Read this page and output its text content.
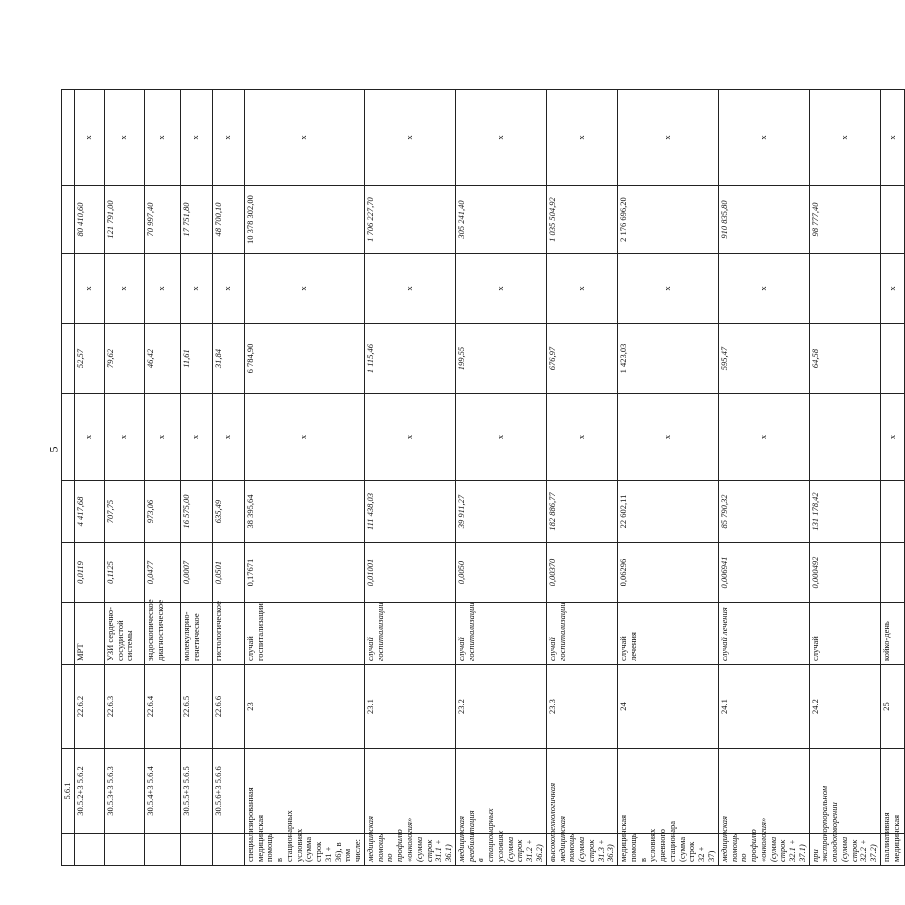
5
	5.6.1									
	30.5.2+3 5.6.2	22.6.2	МРТ	0,0119	4 417,68	x	52,57	x	80 410,60	x
	30.5.3+3 5.6.3	22.6.3	УЗИ сердечно-сосудистой системы	0,1125	707,75	x	79,62	x	121 791,00	x
	30.5.4+3 5.6.4	22.6.4	эндоскопическое диагностическое	0,0477	973,06	x	46,42	x	70 997,40	x
	30.5.5+3 5.6.5	22.6.5	молекулярно-генетическое	0,0007	16 575,00	x	11,61	x	17 751,80	x
	30.5.6+3 5.6.6	22.6.6	гистологическое	0,0501	635,49	x	31,84	x	48 700,10	x
специализированная медицинская помощь в стационарных условиях (сумма строк 31 + 36), в том числе:		23	случай госпитализации	0,17671	38 395,64	x	6 784,90	x	10 378 302,00	x
медицинская помощь по профилю «онкология» (сумма строк 31.1 + 36.1)		23.1	случай госпитализации	0,01001	111 438,03	x	1 115,46	x	1 706 227,70	x
медицинская реабилитация в стационарных условиях (сумма строк 31.2 + 36.2)		23.2	случай госпитализации	0,0050	39 911,27	x	199,55	x	305 241,40	x
высокотехнологичная медицинская помощь (сумма строк 31.3 + 36.3)		23.3	случай госпитализации	0,00370	182 886,77	x	676,97	x	1 035 504,92	x
медицинская помощь в условиях дневного стационара (сумма строк 32 + 37)		24	случай лечения	0,06296	22 602,11	x	1 423,03	x	2 176 696,20	x
медицинская помощь по профилю «онкология» (сумма строк 32.1 + 37.1)		24.1	случай лечения	0,006941	85 790,32	x	595,47	x	910 835,80	x
при экстракорпоральном оплодотворении (сумма строк 32.2 + 37.2)		24.2	случай	0,000492	131 178,42		64,58		98 777,40	x
паллиативная медицинская		25	койко-день			x		x		x
